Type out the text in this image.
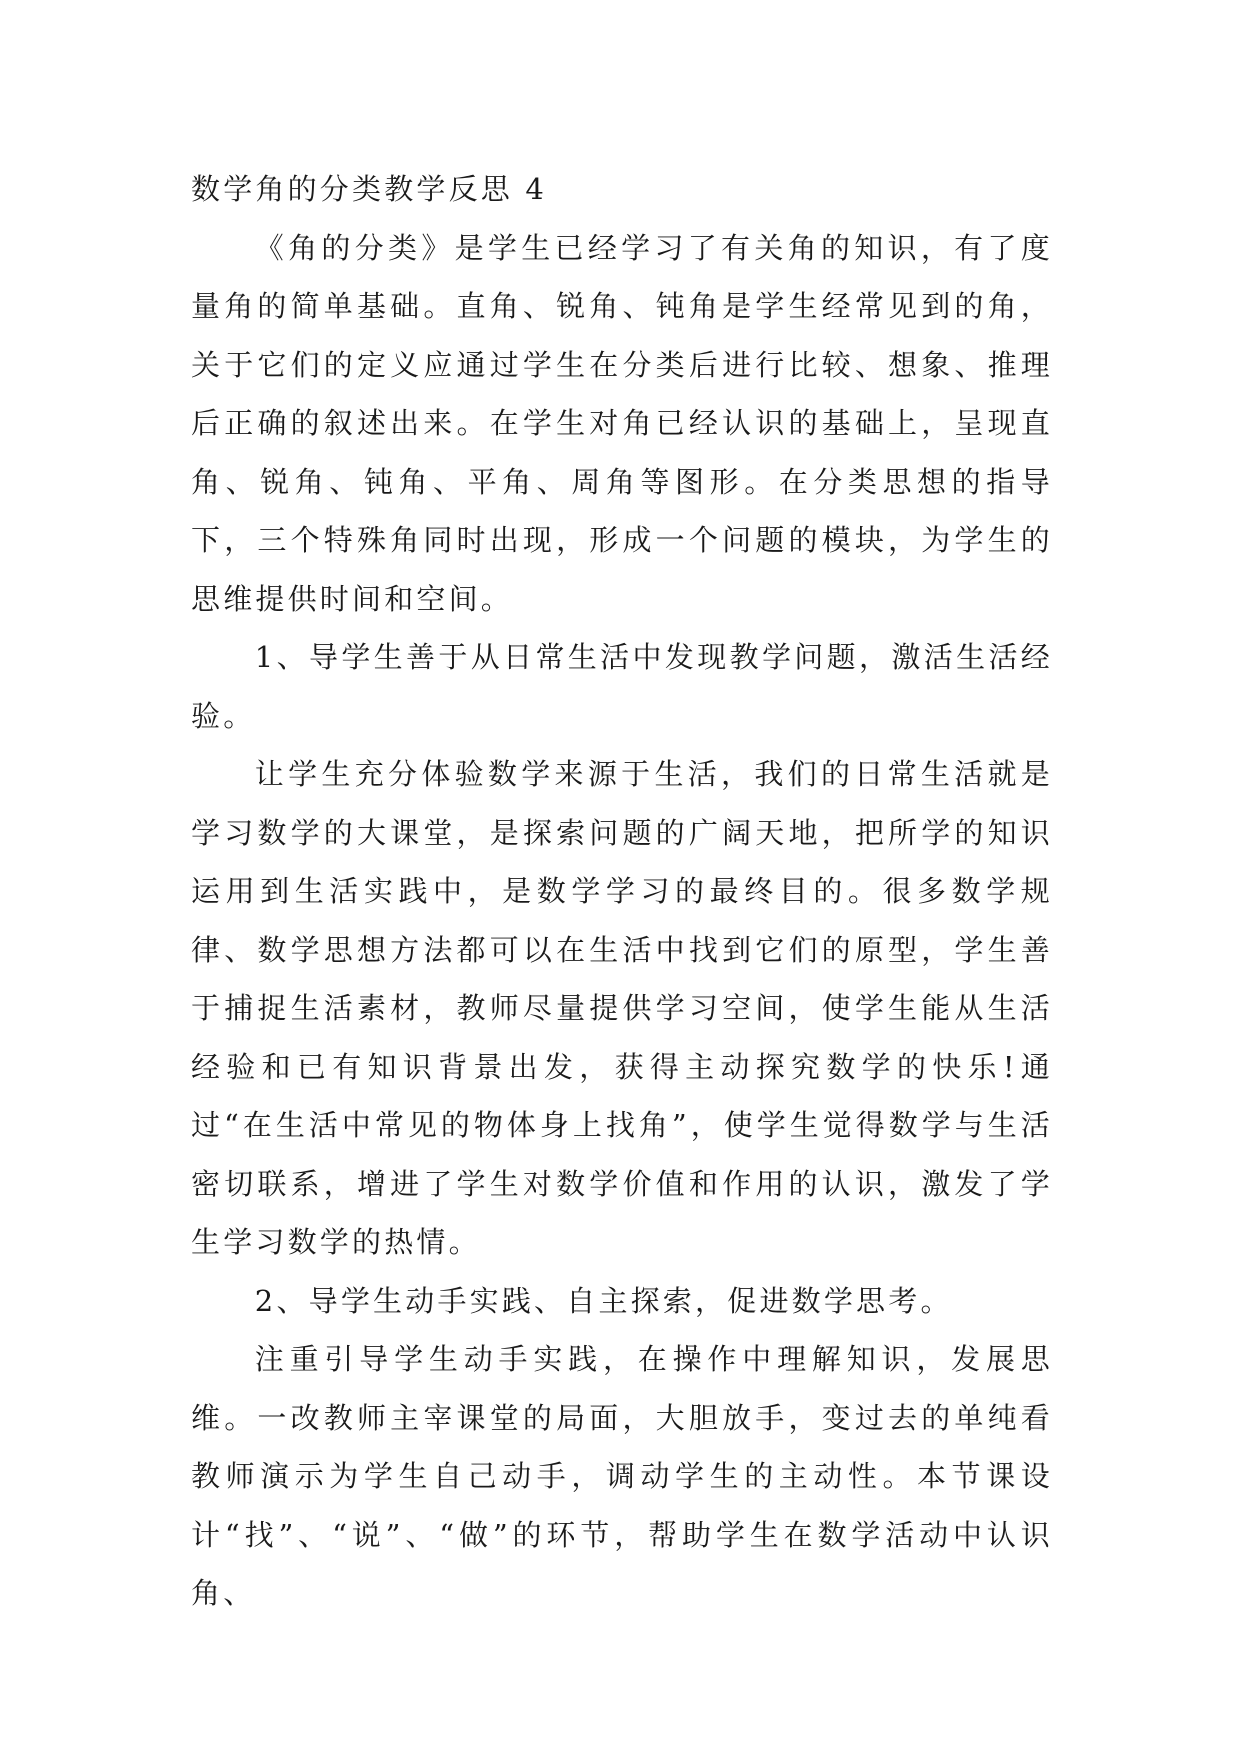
数学角的分类教学反思 4

《角的分类》是学生已经学习了有关角的知识，有了度量角的简单基础。直角、锐角、钝角是学生经常见到的角，关于它们的定义应通过学生在分类后进行比较、想象、推理后正确的叙述出来。在学生对角已经认识的基础上，呈现直角、锐角、钝角、平角、周角等图形。在分类思想的指导下，三个特殊角同时出现，形成一个问题的模块，为学生的思维提供时间和空间。

1、导学生善于从日常生活中发现教学问题，激活生活经验。

让学生充分体验数学来源于生活，我们的日常生活就是学习数学的大课堂，是探索问题的广阔天地，把所学的知识运用到生活实践中，是数学学习的最终目的。很多数学规律、数学思想方法都可以在生活中找到它们的原型，学生善于捕捉生活素材，教师尽量提供学习空间，使学生能从生活经验和已有知识背景出发，获得主动探究数学的快乐!通过“在生活中常见的物体身上找角”，使学生觉得数学与生活密切联系，增进了学生对数学价值和作用的认识，激发了学生学习数学的热情。

2、导学生动手实践、自主探索，促进数学思考。

注重引导学生动手实践，在操作中理解知识，发展思维。一改教师主宰课堂的局面，大胆放手，变过去的单纯看教师演示为学生自己动手，调动学生的主动性。本节课设计“找”、“说”、“做”的环节，帮助学生在数学活动中认识角、
